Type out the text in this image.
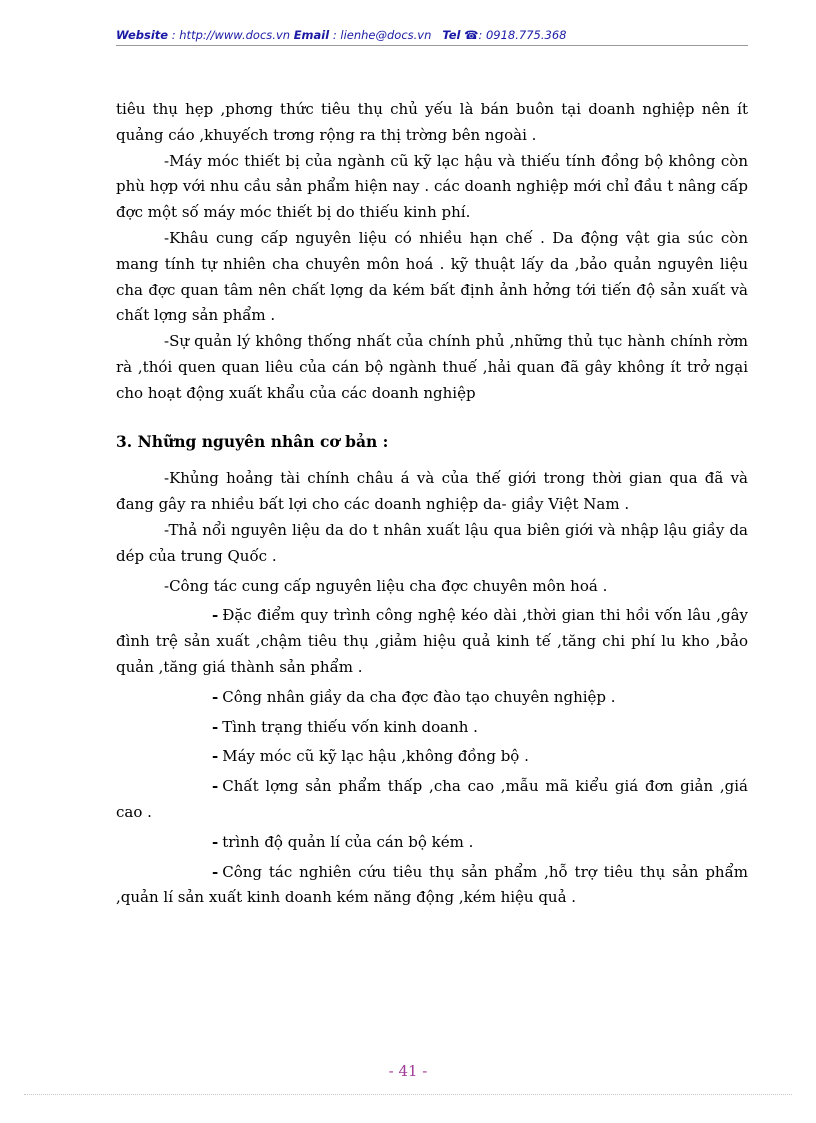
Website : http://www.docs.vn Email : lienhe@docs.vn Tel ☎: 0918.775.368

tiêu thụ hẹp ,phơng thức tiêu thụ chủ yếu là bán buôn tại doanh nghiệp nên ít quảng cáo ,khuyếch trơng rộng ra thị trờng bên ngoài .

-Máy móc thiết bị của ngành cũ kỹ lạc hậu và thiếu tính đồng bộ không còn phù hợp với nhu cầu sản phẩm hiện nay . các doanh nghiệp mới chỉ đầu t nâng cấp đợc một số máy móc thiết bị do thiếu kinh phí.

-Khâu cung cấp nguyên liệu có nhiều hạn chế . Da động vật gia súc còn mang tính tự nhiên cha chuyên môn hoá . kỹ thuật lấy da ,bảo quản nguyên liệu cha đợc quan tâm nên chất lợng da kém bất định ảnh hởng tới tiến độ sản xuất và chất lợng sản phẩm .

-Sự quản lý không thống nhất của chính phủ ,những thủ tục hành chính rờm rà ,thói quen quan liêu của cán bộ ngành thuế ,hải quan đã gây không ít trở ngại cho hoạt động xuất khẩu của các doanh nghiệp

3. Những nguyên nhân cơ bản :

-Khủng hoảng tài chính châu á và của thế giới trong thời gian qua đã và đang gây ra nhiều bất lợi cho các doanh nghiệp da- giầy Việt Nam .

-Thả nổi nguyên liệu da do t nhân xuất lậu qua biên giới và nhập lậu giầy da dép của trung Quốc .

-Công tác cung cấp nguyên liệu cha đợc chuyên môn hoá .

- Đặc điểm quy trình công nghệ kéo dài ,thời gian thi hồi vốn lâu ,gây đình trệ sản xuất ,chậm tiêu thụ ,giảm hiệu quả kinh tế ,tăng chi phí lu kho ,bảo quản ,tăng giá thành sản phẩm .

- Công nhân giầy da cha đợc đào tạo chuyên nghiệp .

- Tình trạng thiếu vốn kinh doanh .

- Máy móc cũ kỹ lạc hậu ,không đồng bộ .

- Chất lợng sản phẩm thấp ,cha cao ,mẫu mã kiểu giá đơn giản ,giá cao .

- trình độ quản lí của cán bộ kém .

- Công tác nghiên cứu tiêu thụ sản phẩm ,hỗ trợ tiêu thụ sản phẩm ,quản lí sản xuất kinh doanh kém năng động ,kém hiệu quả .

- 41 -
